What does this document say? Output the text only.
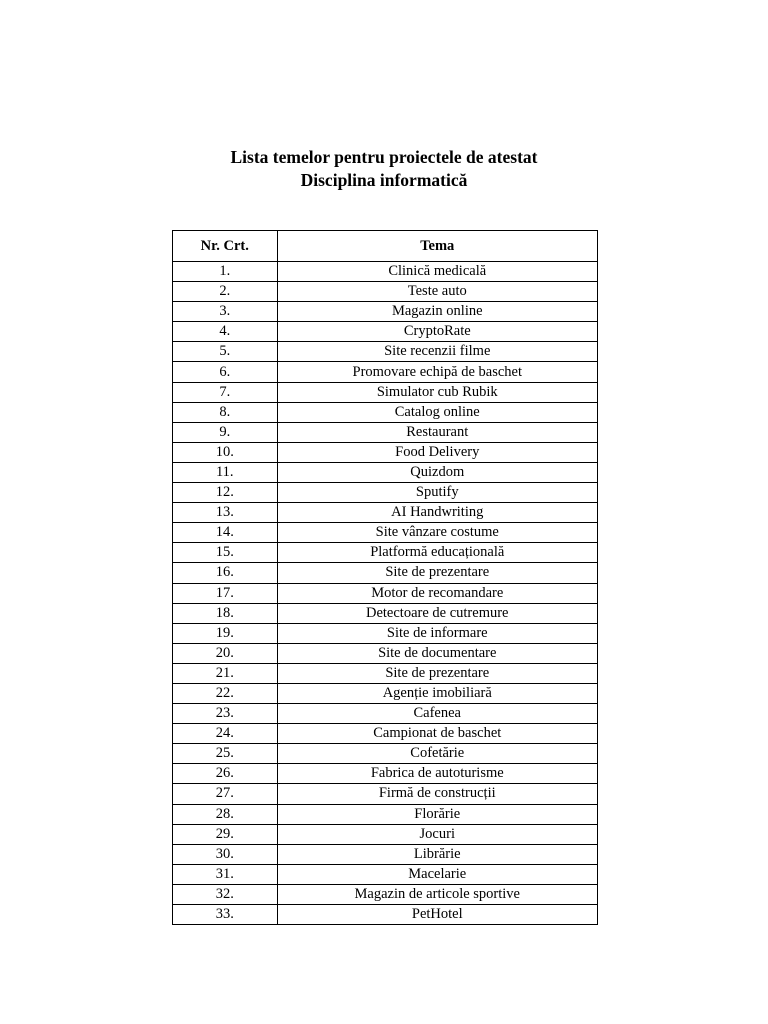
Lista temelor pentru proiectele de atestat
Disciplina informatică
Nr. Crt.	Tema
1.	Clinică medicală
2.	Teste auto
3.	Magazin online
4.	CryptoRate
5.	Site recenzii filme
6.	Promovare echipă de baschet
7.	Simulator cub Rubik
8.	Catalog online
9.	Restaurant
10.	Food Delivery
11.	Quizdom
12.	Sputify
13.	AI Handwriting
14.	Site vânzare costume
15.	Platformă educațională
16.	Site de prezentare
17.	Motor de recomandare
18.	Detectoare de cutremure
19.	Site de informare
20.	Site de documentare
21.	Site de prezentare
22.	Agenție imobiliară
23.	Cafenea
24.	Campionat de baschet
25.	Cofetărie
26.	Fabrica de autoturisme
27.	Firmă de construcții
28.	Florărie
29.	Jocuri
30.	Librărie
31.	Macelarie
32.	Magazin de articole sportive
33.	PetHotel
